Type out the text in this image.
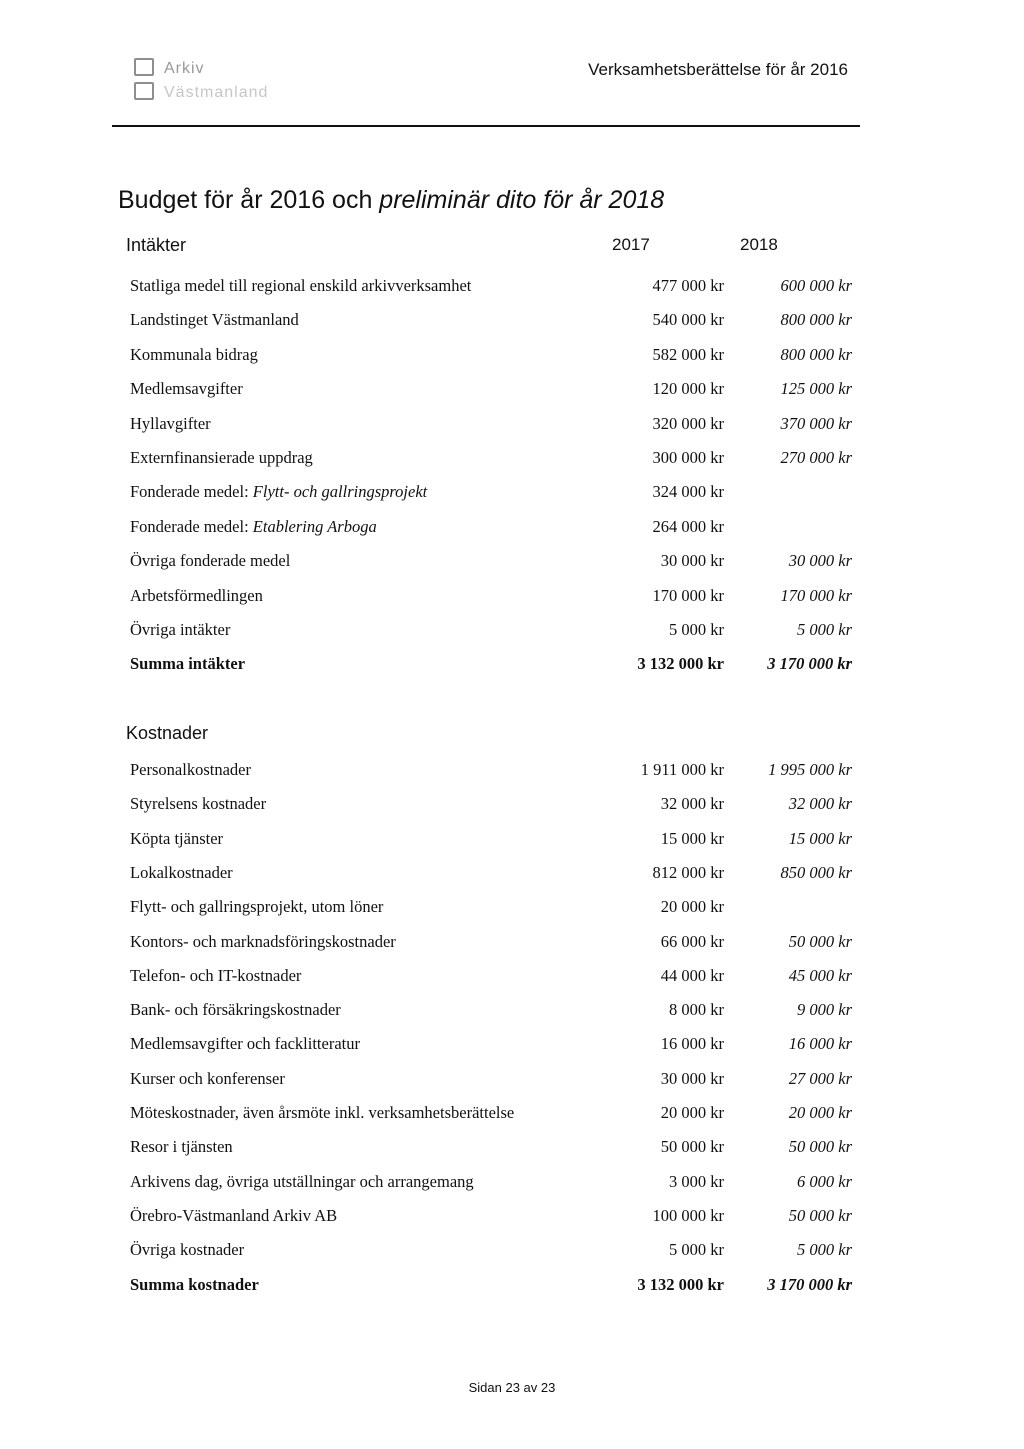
Arkiv
Västmanland
Verksamhetsberättelse för år 2016
Budget för år 2016 och preliminär dito för år 2018
Intäkter	2017	2018
Statliga medel till regional enskild arkivverksamhet	477 000 kr	600 000 kr
Landstinget Västmanland	540 000 kr	800 000 kr
Kommunala bidrag	582 000 kr	800 000 kr
Medlemsavgifter	120 000 kr	125 000 kr
Hyllavgifter	320 000 kr	370 000 kr
Externfinansierade uppdrag	300 000 kr	270 000 kr
Fonderade medel: Flytt- och gallringsprojekt	324 000 kr
Fonderade medel: Etablering Arboga	264 000 kr
Övriga fonderade medel	30 000 kr	30 000 kr
Arbetsförmedlingen	170 000 kr	170 000 kr
Övriga intäkter	5 000 kr	5 000 kr
Summa intäkter	3 132 000 kr	3 170 000 kr
Kostnader
Personalkostnader	1 911 000 kr	1 995 000 kr
Styrelsens kostnader	32 000 kr	32 000 kr
Köpta tjänster	15 000 kr	15 000 kr
Lokalkostnader	812 000 kr	850 000 kr
Flytt- och gallringsprojekt, utom löner	20 000 kr
Kontors- och marknadsföringskostnader	66 000 kr	50 000 kr
Telefon- och IT-kostnader	44 000 kr	45 000 kr
Bank- och försäkringskostnader	8 000 kr	9 000 kr
Medlemsavgifter och facklitteratur	16 000 kr	16 000 kr
Kurser och konferenser	30 000 kr	27 000 kr
Möteskostnader, även årsmöte inkl. verksamhetsberättelse	20 000 kr	20 000 kr
Resor i tjänsten	50 000 kr	50 000 kr
Arkivens dag, övriga utställningar och arrangemang	3 000 kr	6 000 kr
Örebro-Västmanland Arkiv AB	100 000 kr	50 000 kr
Övriga kostnader	5 000 kr	5 000 kr
Summa kostnader	3 132 000 kr	3 170 000 kr
Sidan 23 av 23
